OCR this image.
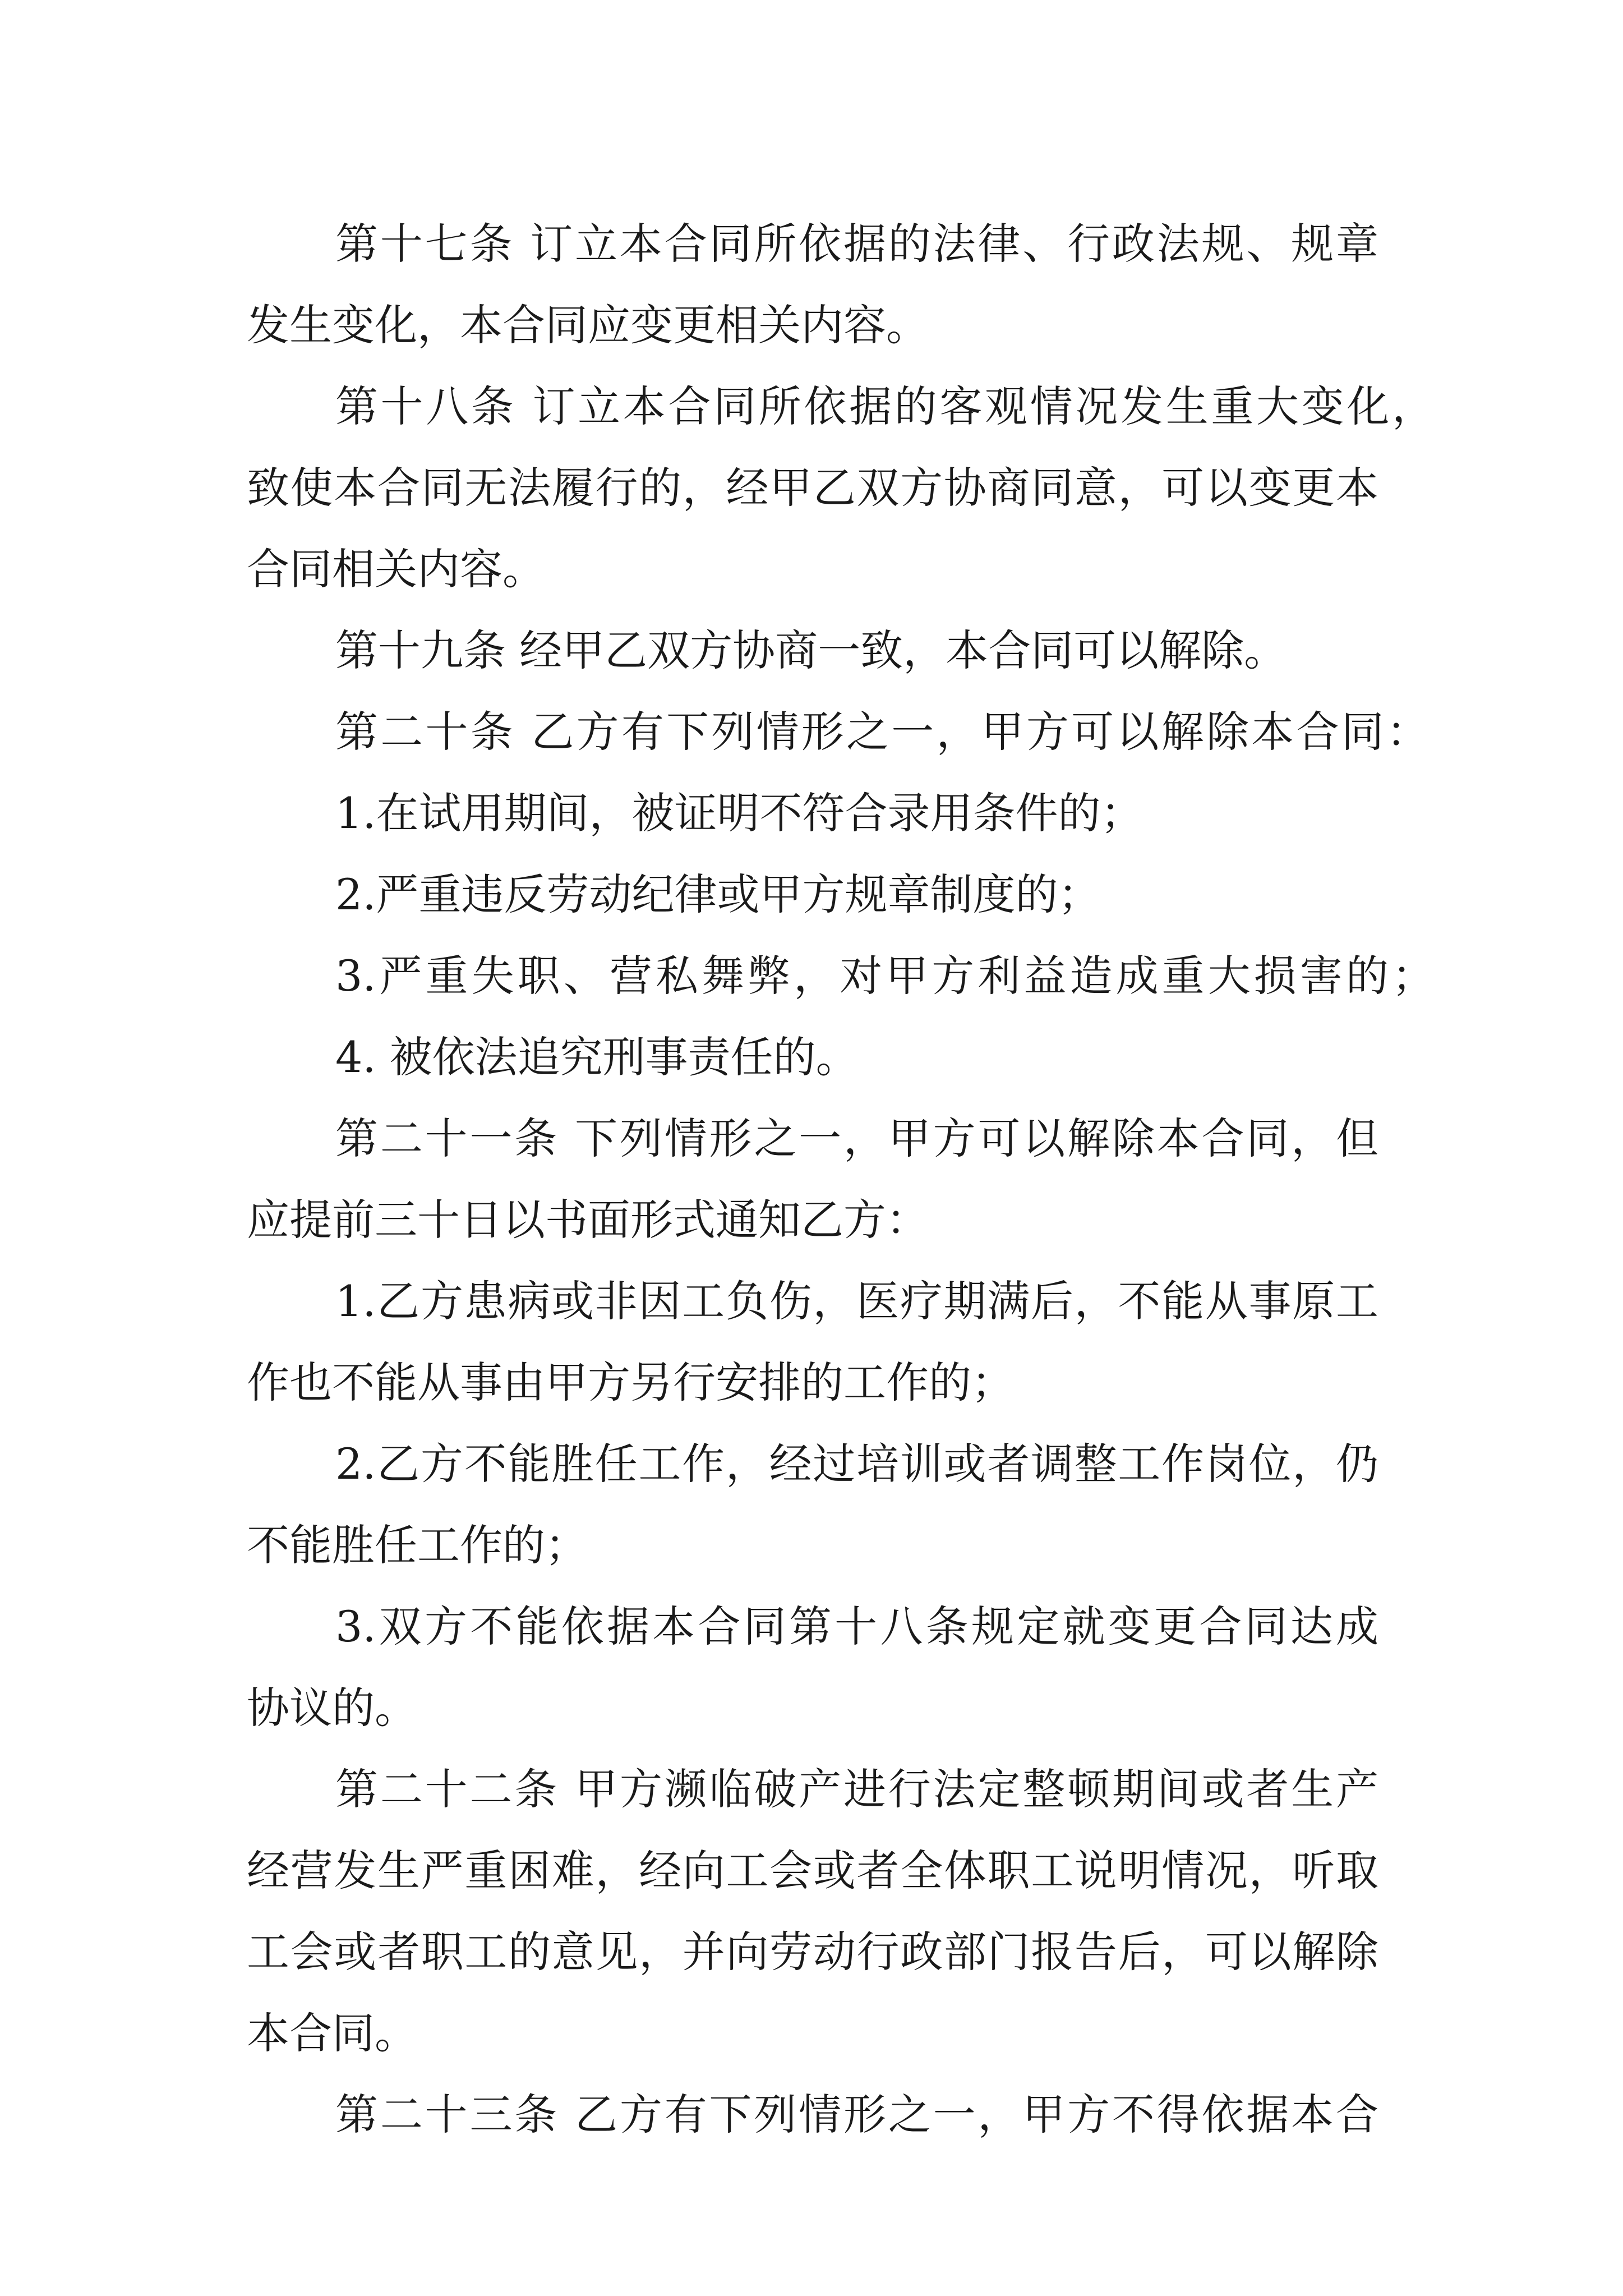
第十七条 订立本合同所依据的法律、行政法规、规章

发生变化，本合同应变更相关内容。

第十八条 订立本合同所依据的客观情况发生重大变化，

致使本合同无法履行的，经甲乙双方协商同意，可以变更本

合同相关内容。

第十九条 经甲乙双方协商一致，本合同可以解除。

第二十条 乙方有下列情形之一，甲方可以解除本合同：

1.在试用期间，被证明不符合录用条件的；

2.严重违反劳动纪律或甲方规章制度的；

3.严重失职、营私舞弊，对甲方利益造成重大损害的；

4. 被依法追究刑事责任的。

第二十一条 下列情形之一，甲方可以解除本合同，但

应提前三十日以书面形式通知乙方：

1.乙方患病或非因工负伤，医疗期满后，不能从事原工

作也不能从事由甲方另行安排的工作的；

2.乙方不能胜任工作，经过培训或者调整工作岗位，仍

不能胜任工作的；

3.双方不能依据本合同第十八条规定就变更合同达成

协议的。

第二十二条 甲方濒临破产进行法定整顿期间或者生产

经营发生严重困难，经向工会或者全体职工说明情况，听取

工会或者职工的意见，并向劳动行政部门报告后，可以解除

本合同。

第二十三条 乙方有下列情形之一，甲方不得依据本合
